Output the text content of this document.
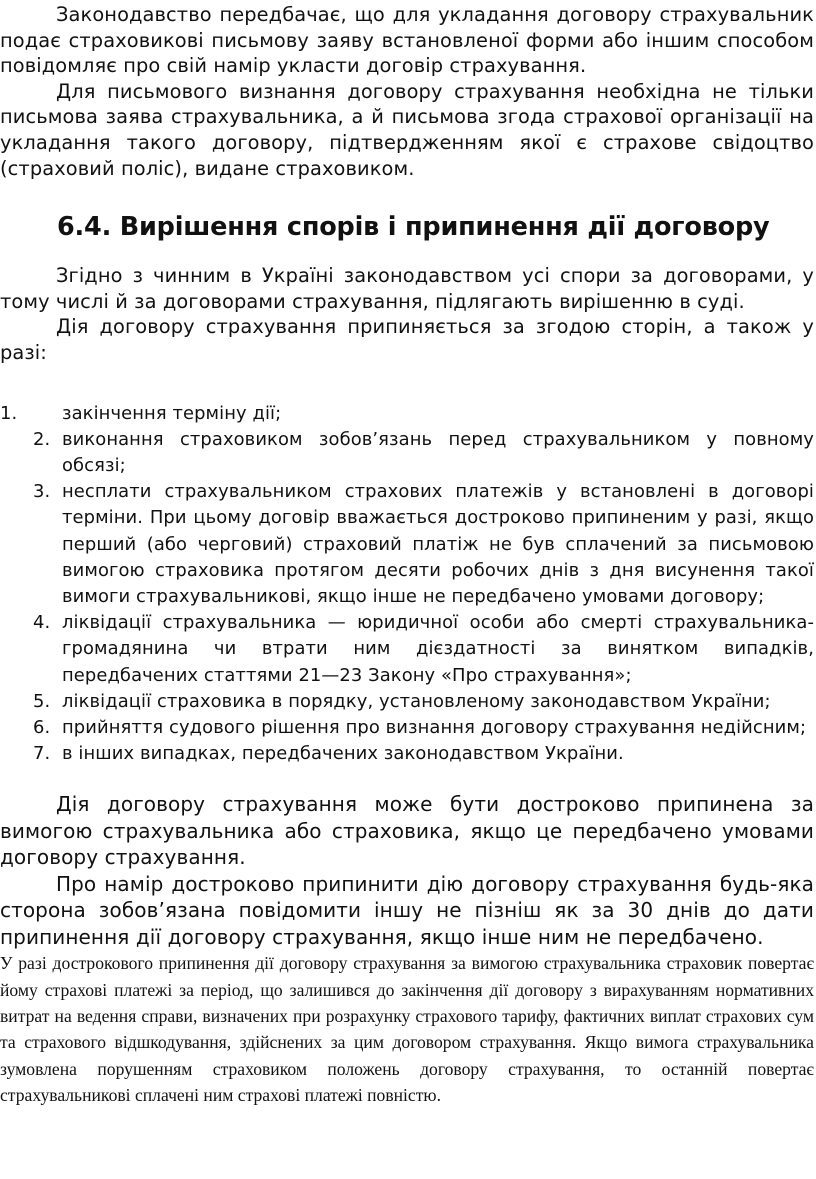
Законодавство передбачає, що для укладання договору страхувальник подає страховикові письмову заяву встановленої форми або іншим способом повідомляє про свій намір укласти договір страхування.

Для письмового визнання договору страхування необхідна не тільки письмова заява страхувальника, а й письмова згода страхової організації на укладання такого договору, підтвердженням якої є страхове свідоцтво (страховий поліс), видане страховиком.

6.4. Вирішення спорів і припинення дії договору

Згідно з чинним в Україні законодавством усі спори за договорами, у тому числі й за договорами страхування, підлягають вирішенню в суді.

Дія договору страхування припиняється за згодою сторін, а також у разі:

1. закінчення терміну дії;
2. виконання страховиком зобов’язань перед страхувальником у повному обсязі;
3. несплати страхувальником страхових платежів у встановлені в договорі терміни. При цьому договір вважається достроково припиненим у разі, якщо перший (або черговий) страховий платіж не був сплачений за письмовою вимогою страховика протягом десяти робочих днів з дня висунення такої вимоги страхувальникові, якщо інше не передбачено умовами договору;
4. ліквідації страхувальника — юридичної особи або смерті страхувальника-громадянина чи втрати ним дієздатності за винятком випадків, передбачених статтями 21—23 Закону «Про страхування»;
5. ліквідації страховика в порядку, установленому законодавством України;
6. прийняття судового рішення про визнання договору страхування недійсним;
7. в інших випадках, передбачених законодавством України.

Дія договору страхування може бути достроково припинена за вимогою страхувальника або страховика, якщо це передбачено умовами договору страхування.

Про намір достроково припинити дію договору страхування будь-яка сторона зобов’язана повідомити іншу не пізніш як за 30 днів до дати припинення дії договору страхування, якщо інше ним не передбачено.

У разі дострокового припинення дії договору страхування за вимогою страхувальника страховик повертає йому страхові платежі за період, що залишився до закінчення дії договору з вирахуванням нормативних витрат на ведення справи, визначених при розрахунку страхового тарифу, фактичних виплат страхових сум та страхового відшкодування, здійснених за цим договором страхування. Якщо вимога страхувальника зумовлена порушенням страховиком положень договору страхування, то останній повертає страхувальникові сплачені ним страхові платежі повністю.
